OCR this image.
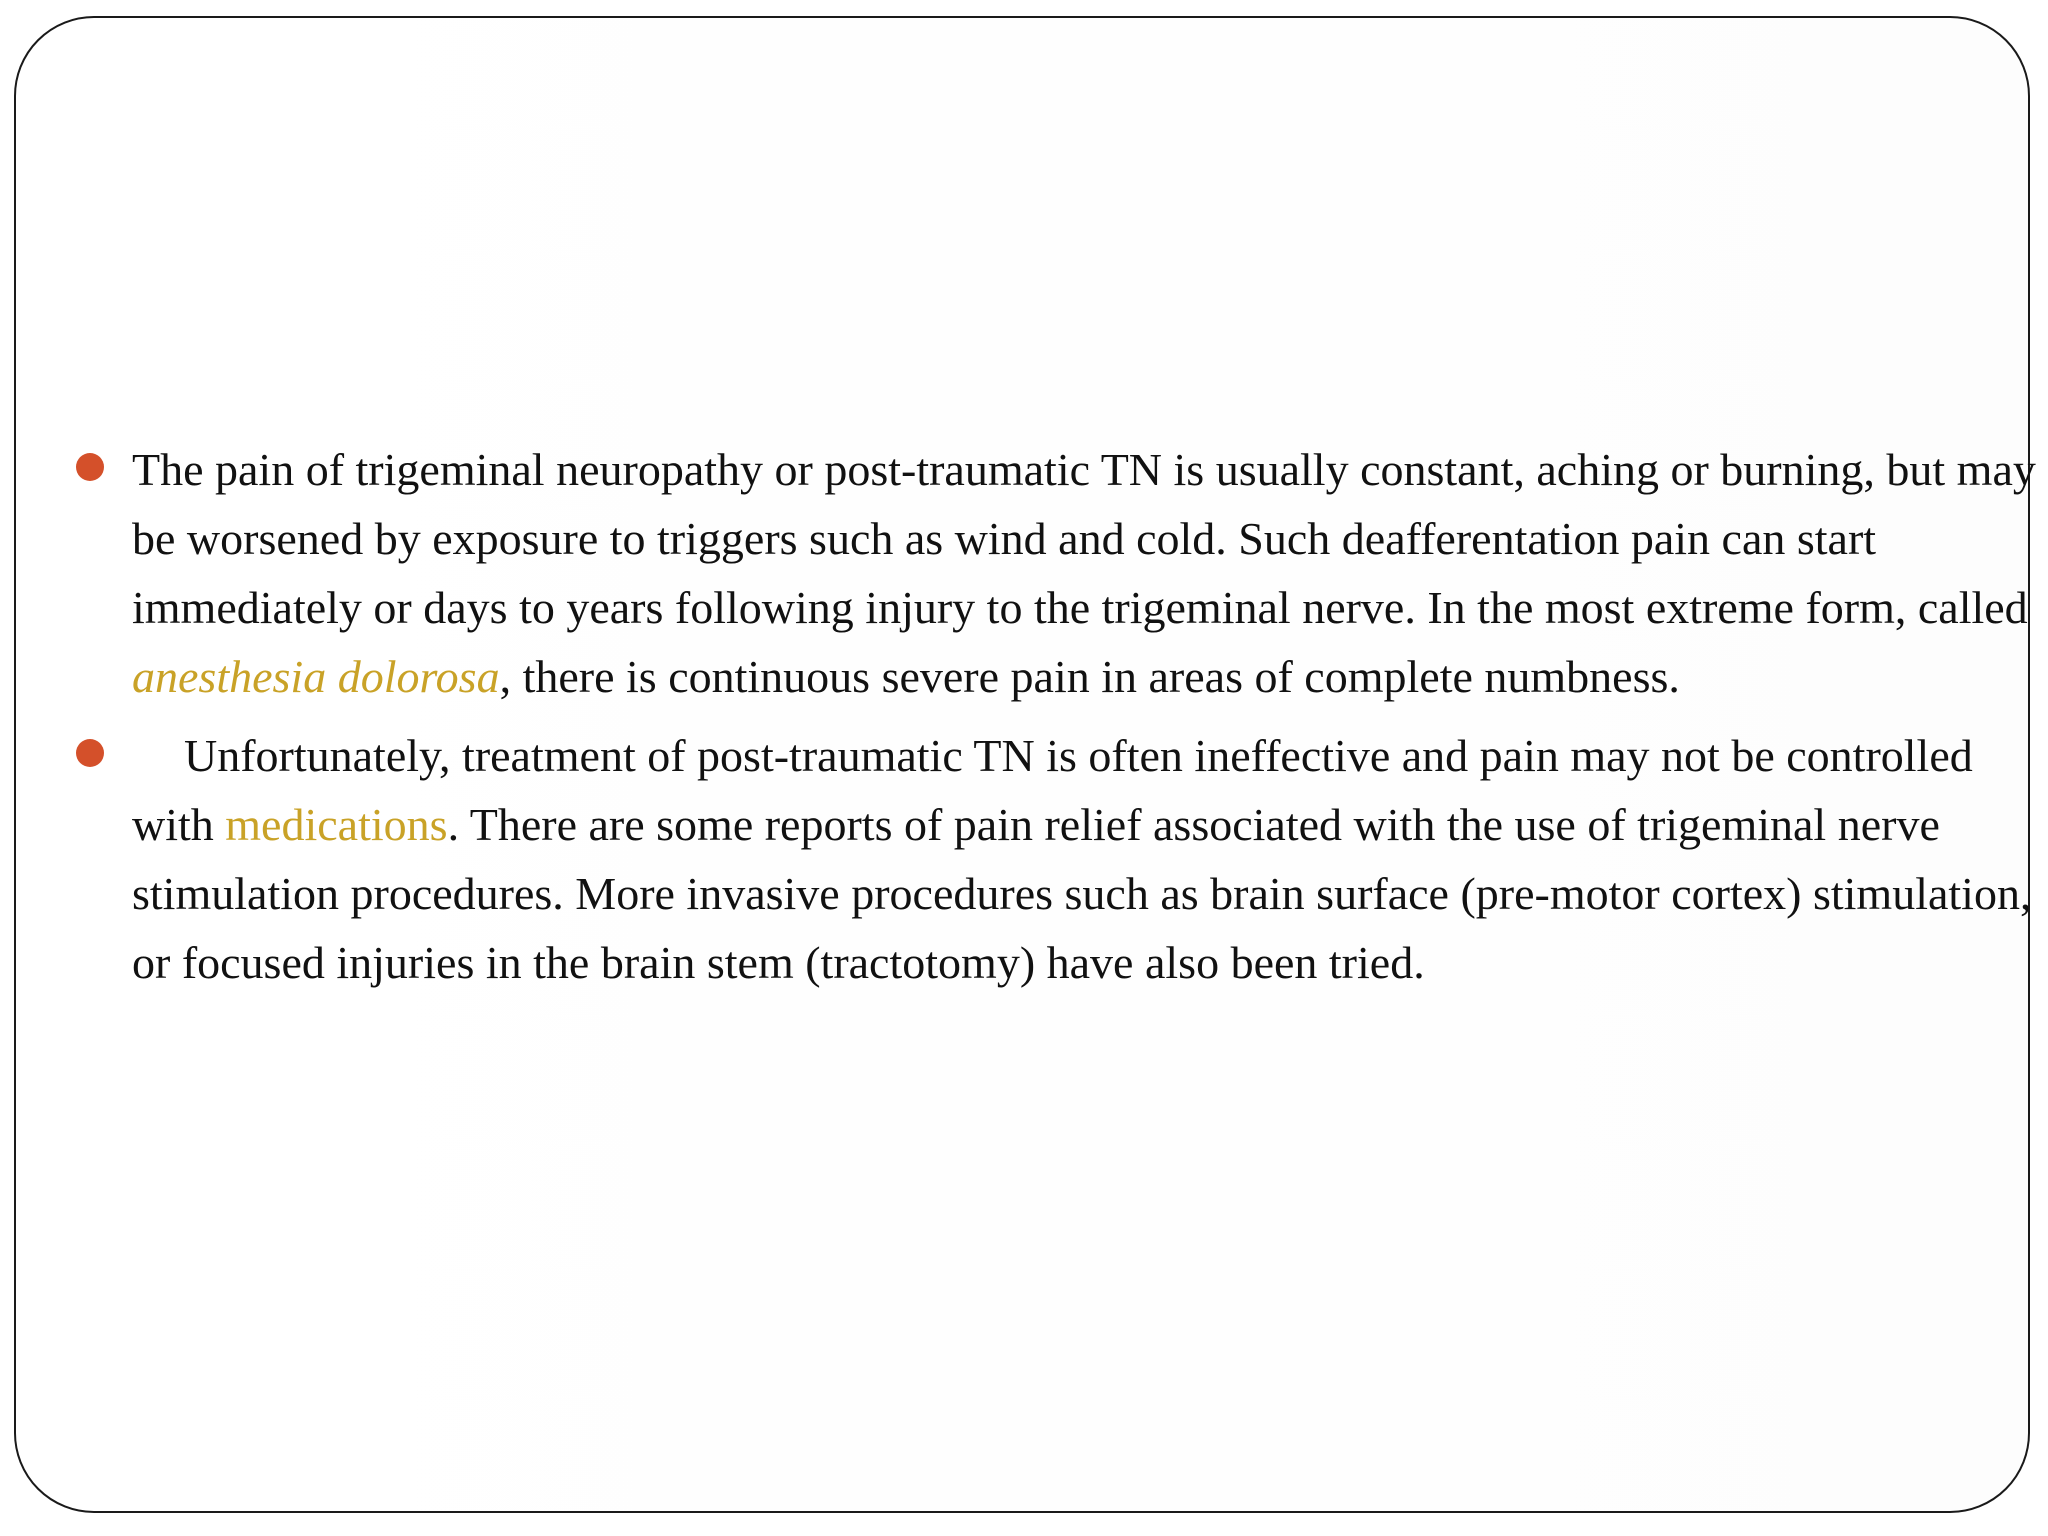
The pain of trigeminal neuropathy or post-traumatic TN is usually constant, aching or burning, but may be worsened by exposure to triggers such as wind and cold. Such deafferentation pain can start immediately or days to years following injury to the trigeminal nerve. In the most extreme form, called anesthesia dolorosa, there is continuous severe pain in areas of complete numbness.
Unfortunately, treatment of post-traumatic TN is often ineffective and pain may not be controlled with medications. There are some reports of pain relief associated with the use of trigeminal nerve stimulation procedures. More invasive procedures such as brain surface (pre-motor cortex) stimulation, or focused injuries in the brain stem (tractotomy) have also been tried.
